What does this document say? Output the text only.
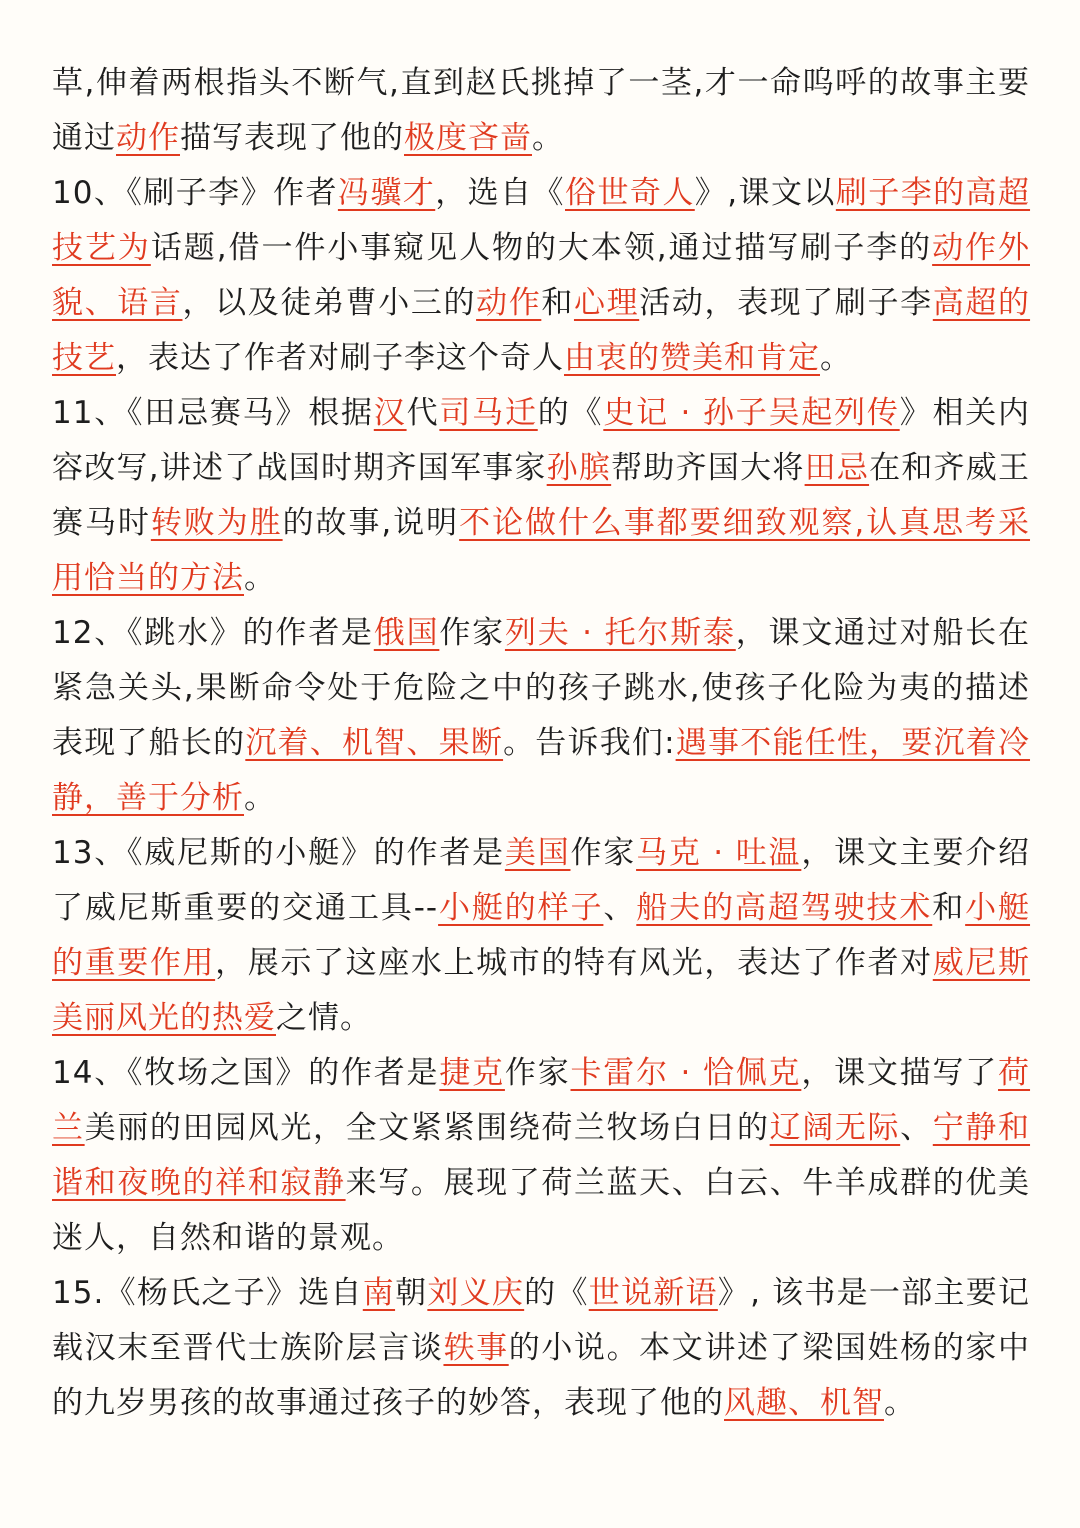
草,伸着两根指头不断气,直到赵氏挑掉了一茎,才一命呜呼的故事主要通过动作描写表现了他的极度吝啬。

10、《刷子李》作者冯骥才，选自《俗世奇人》,课文以刷子李的高超技艺为话题,借一件小事窥见人物的大本领,通过描写刷子李的动作外貌、语言，以及徒弟曹小三的动作和心理活动，表现了刷子李高超的技艺，表达了作者对刷子李这个奇人由衷的赞美和肯定。

11、《田忌赛马》根据汉代司马迁的《史记 · 孙子吴起列传》相关内容改写,讲述了战国时期齐国军事家孙膑帮助齐国大将田忌在和齐威王赛马时转败为胜的故事,说明不论做什么事都要细致观察,认真思考采用恰当的方法。

12、《跳水》的作者是俄国作家列夫 · 托尔斯泰，课文通过对船长在紧急关头,果断命令处于危险之中的孩子跳水,使孩子化险为夷的描述表现了船长的沉着、机智、果断。告诉我们:遇事不能任性，要沉着冷静，善于分析。

13、《威尼斯的小艇》的作者是美国作家马克 · 吐温，课文主要介绍了威尼斯重要的交通工具--小艇的样子、船夫的高超驾驶技术和小艇的重要作用，展示了这座水上城市的特有风光，表达了作者对威尼斯美丽风光的热爱之情。

14、《牧场之国》的作者是捷克作家卡雷尔 · 恰佩克，课文描写了荷兰美丽的田园风光，全文紧紧围绕荷兰牧场白日的辽阔无际、宁静和谐和夜晚的祥和寂静来写。展现了荷兰蓝天、白云、牛羊成群的优美迷人，自然和谐的景观。

15.《杨氏之子》选自南朝刘义庆的《世说新语》, 该书是一部主要记载汉末至晋代士族阶层言谈轶事的小说。本文讲述了梁国姓杨的家中的九岁男孩的故事通过孩子的妙答，表现了他的风趣、机智。
